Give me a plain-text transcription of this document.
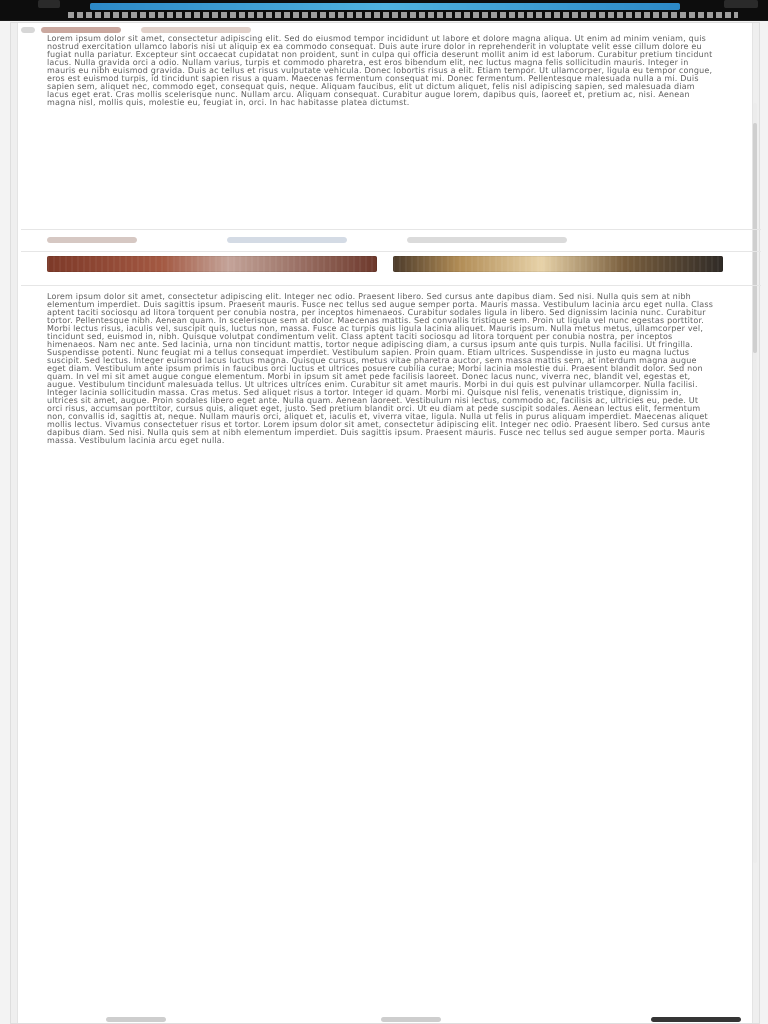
Lorem ipsum dolor sit amet, consectetur adipiscing elit. Sed do eiusmod tempor incididunt ut labore et dolore magna aliqua. Ut enim ad minim veniam, quis nostrud exercitation ullamco laboris nisi ut aliquip ex ea commodo consequat. Duis aute irure dolor in reprehenderit in voluptate velit esse cillum dolore eu fugiat nulla pariatur. Excepteur sint occaecat cupidatat non proident, sunt in culpa qui officia deserunt mollit anim id est laborum. Curabitur pretium tincidunt lacus. Nulla gravida orci a odio. Nullam varius, turpis et commodo pharetra, est eros bibendum elit, nec luctus magna felis sollicitudin mauris. Integer in mauris eu nibh euismod gravida. Duis ac tellus et risus vulputate vehicula. Donec lobortis risus a elit. Etiam tempor. Ut ullamcorper, ligula eu tempor congue, eros est euismod turpis, id tincidunt sapien risus a quam. Maecenas fermentum consequat mi. Donec fermentum. Pellentesque malesuada nulla a mi. Duis sapien sem, aliquet nec, commodo eget, consequat quis, neque. Aliquam faucibus, elit ut dictum aliquet, felis nisl adipiscing sapien, sed malesuada diam lacus eget erat. Cras mollis scelerisque nunc. Nullam arcu. Aliquam consequat. Curabitur augue lorem, dapibus quis, laoreet et, pretium ac, nisi. Aenean magna nisl, mollis quis, molestie eu, feugiat in, orci. In hac habitasse platea dictumst.
Lorem ipsum dolor sit amet, consectetur adipiscing elit. Integer nec odio. Praesent libero. Sed cursus ante dapibus diam. Sed nisi. Nulla quis sem at nibh elementum imperdiet. Duis sagittis ipsum. Praesent mauris. Fusce nec tellus sed augue semper porta. Mauris massa. Vestibulum lacinia arcu eget nulla. Class aptent taciti sociosqu ad litora torquent per conubia nostra, per inceptos himenaeos. Curabitur sodales ligula in libero. Sed dignissim lacinia nunc. Curabitur tortor. Pellentesque nibh. Aenean quam. In scelerisque sem at dolor. Maecenas mattis. Sed convallis tristique sem. Proin ut ligula vel nunc egestas porttitor. Morbi lectus risus, iaculis vel, suscipit quis, luctus non, massa. Fusce ac turpis quis ligula lacinia aliquet. Mauris ipsum. Nulla metus metus, ullamcorper vel, tincidunt sed, euismod in, nibh. Quisque volutpat condimentum velit. Class aptent taciti sociosqu ad litora torquent per conubia nostra, per inceptos himenaeos. Nam nec ante. Sed lacinia, urna non tincidunt mattis, tortor neque adipiscing diam, a cursus ipsum ante quis turpis. Nulla facilisi. Ut fringilla. Suspendisse potenti. Nunc feugiat mi a tellus consequat imperdiet. Vestibulum sapien. Proin quam. Etiam ultrices. Suspendisse in justo eu magna luctus suscipit. Sed lectus. Integer euismod lacus luctus magna. Quisque cursus, metus vitae pharetra auctor, sem massa mattis sem, at interdum magna augue eget diam. Vestibulum ante ipsum primis in faucibus orci luctus et ultrices posuere cubilia curae; Morbi lacinia molestie dui. Praesent blandit dolor. Sed non quam. In vel mi sit amet augue congue elementum. Morbi in ipsum sit amet pede facilisis laoreet. Donec lacus nunc, viverra nec, blandit vel, egestas et, augue. Vestibulum tincidunt malesuada tellus. Ut ultrices ultrices enim. Curabitur sit amet mauris. Morbi in dui quis est pulvinar ullamcorper. Nulla facilisi. Integer lacinia sollicitudin massa. Cras metus. Sed aliquet risus a tortor. Integer id quam. Morbi mi. Quisque nisl felis, venenatis tristique, dignissim in, ultrices sit amet, augue. Proin sodales libero eget ante. Nulla quam. Aenean laoreet. Vestibulum nisi lectus, commodo ac, facilisis ac, ultricies eu, pede. Ut orci risus, accumsan porttitor, cursus quis, aliquet eget, justo. Sed pretium blandit orci. Ut eu diam at pede suscipit sodales. Aenean lectus elit, fermentum non, convallis id, sagittis at, neque. Nullam mauris orci, aliquet et, iaculis et, viverra vitae, ligula. Nulla ut felis in purus aliquam imperdiet. Maecenas aliquet mollis lectus. Vivamus consectetuer risus et tortor. Lorem ipsum dolor sit amet, consectetur adipiscing elit. Integer nec odio. Praesent libero. Sed cursus ante dapibus diam. Sed nisi. Nulla quis sem at nibh elementum imperdiet. Duis sagittis ipsum. Praesent mauris. Fusce nec tellus sed augue semper porta. Mauris massa. Vestibulum lacinia arcu eget nulla.
